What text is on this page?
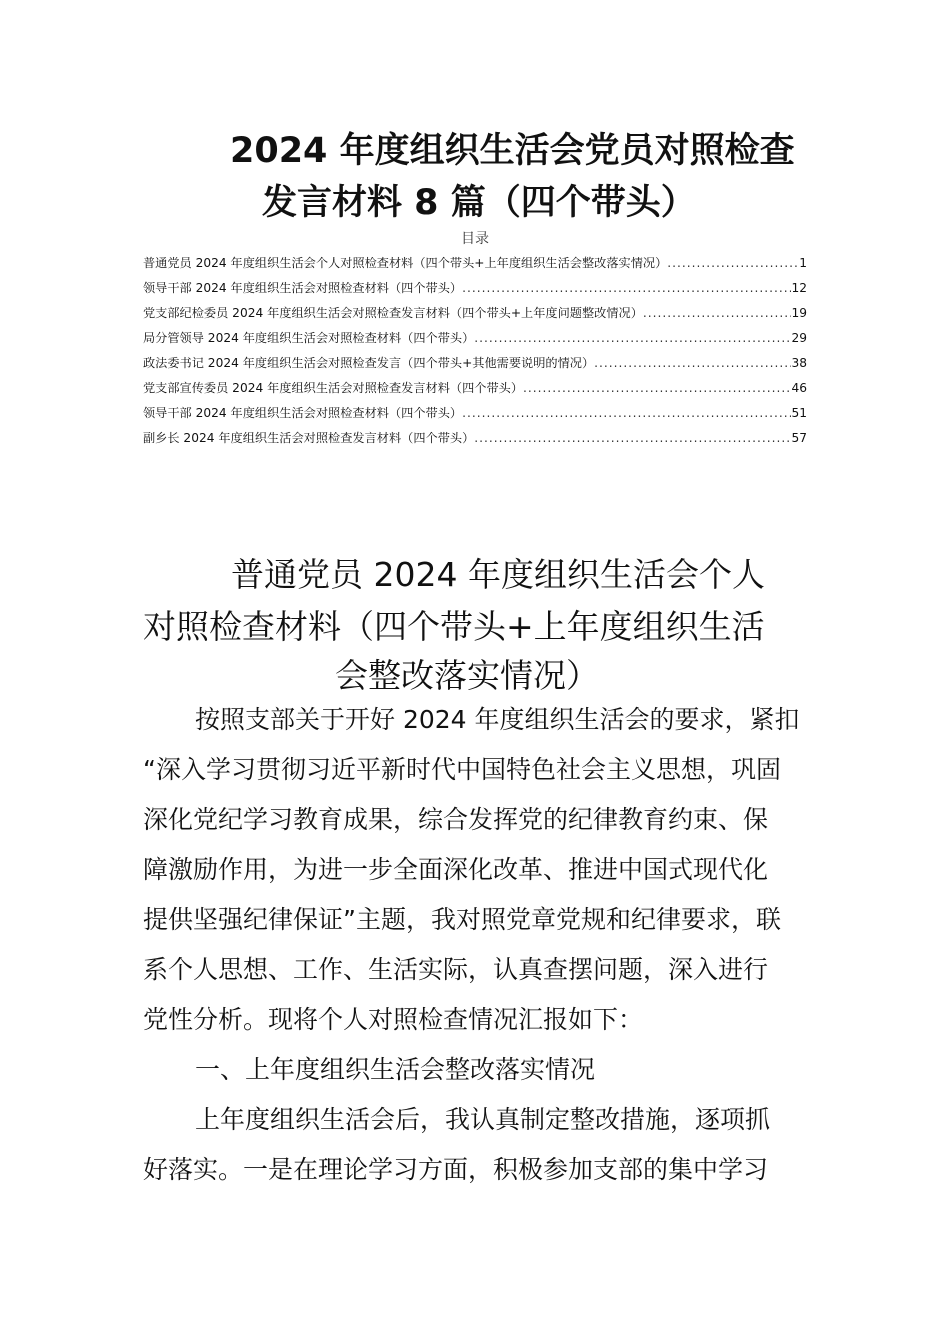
2024 年度组织生活会党员对照检查
发言材料 8 篇（四个带头）
目录
普通党员 2024 年度组织生活会个人对照检查材料（四个带头+上年度组织生活会整改落实情况） .....	1
领导干部 2024 年度组织生活会对照检查材料（四个带头） .....	12
党支部纪检委员 2024 年度组织生活会对照检查发言材料（四个带头+上年度问题整改情况） .....	19
局分管领导 2024 年度组织生活会对照检查材料（四个带头） .....	29
政法委书记 2024 年度组织生活会对照检查发言（四个带头+其他需要说明的情况） .....	38
党支部宣传委员 2024 年度组织生活会对照检查发言材料（四个带头） .....	46
领导干部 2024 年度组织生活会对照检查材料（四个带头） .....	51
副乡长 2024 年度组织生活会对照检查发言材料（四个带头） .....	57
普通党员 2024 年度组织生活会个人
对照检查材料（四个带头+上年度组织生活
会整改落实情况）
按照支部关于开好 2024 年度组织生活会的要求，紧扣
“深入学习贯彻习近平新时代中国特色社会主义思想，巩固
深化党纪学习教育成果，综合发挥党的纪律教育约束、保
障激励作用，为进一步全面深化改革、推进中国式现代化
提供坚强纪律保证”主题，我对照党章党规和纪律要求，联
系个人思想、工作、生活实际，认真查摆问题，深入进行
党性分析。现将个人对照检查情况汇报如下：
一、上年度组织生活会整改落实情况
上年度组织生活会后，我认真制定整改措施，逐项抓
好落实。一是在理论学习方面，积极参加支部的集中学习
